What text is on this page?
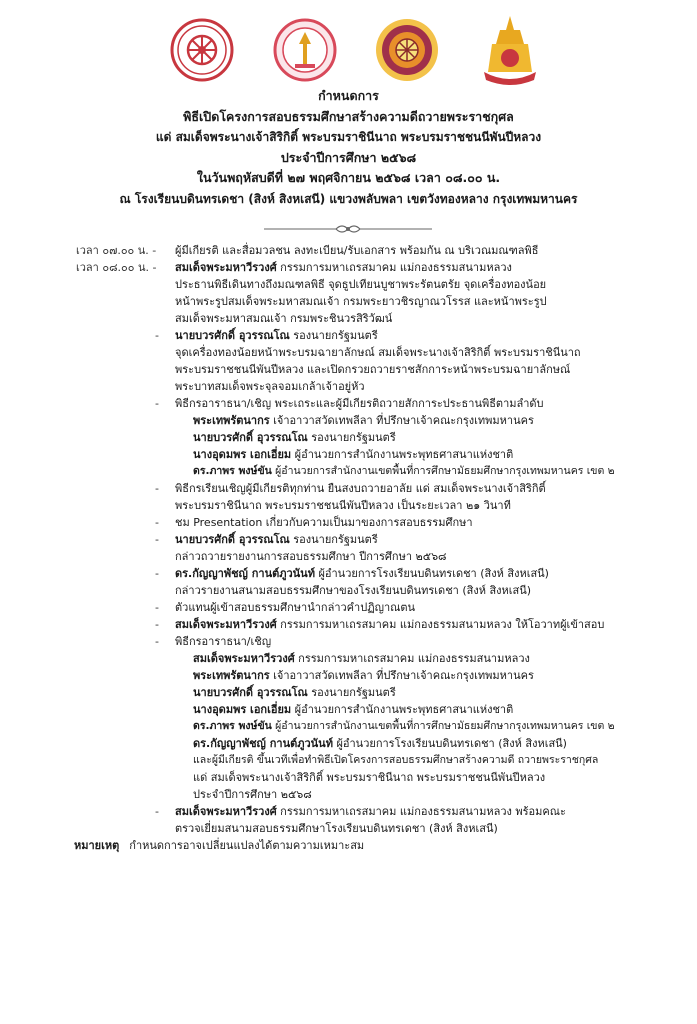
กำหนดการ
พิธีเปิดโครงการสอบธรรมศึกษาสร้างความดีถวายพระราชกุศล
แด่ สมเด็จพระนางเจ้าสิริกิติ์ พระบรมราชินีนาถ พระบรมราชชนนีพันปีหลวง
ประจำปีการศึกษา ๒๕๖๘
ในวันพฤหัสบดีที่ ๒๗ พฤศจิกายน ๒๕๖๘ เวลา ๐๘.๐๐ น.
ณ โรงเรียนบดินทรเดชา (สิงห์ สิงหเสนี) แขวงพลับพลา เขตวังทองหลาง กรุงเทพมหานคร
เวลา ๐๗.๐๐ น. - ผู้มีเกียรติ และสื่อมวลชน ลงทะเบียน/รับเอกสาร พร้อมกัน ณ บริเวณมณฑลพิธี
เวลา ๐๘.๐๐ น. - สมเด็จพระมหาวีรวงศ์ กรรมการมหาเถรสมาคม แม่กองธรรมสนามหลวง
ประธานพิธีเดินทางถึงมณฑลพิธี จุดธูปเทียนบูชาพระรัตนตรัย จุดเครื่องทองน้อย
หน้าพระรูปสมเด็จพระมหาสมณเจ้า กรมพระยาวชิรญาณวโรรส และหน้าพระรูป
สมเด็จพระมหาสมณเจ้า กรมพระชินวรสิริวัฒน์
- นายบวรศักดิ์ อุวรรณโณ รองนายกรัฐมนตรี
จุดเครื่องทองน้อยหน้าพระบรมฉายาลักษณ์ สมเด็จพระนางเจ้าสิริกิติ์ พระบรมราชินีนาถ
พระบรมราชชนนีพันปีหลวง และเปิดกรวยถวายราชสักการะหน้าพระบรมฉายาลักษณ์
พระบาทสมเด็จพระจุลจอมเกล้าเจ้าอยู่หัว
- พิธีกรอาราธนา/เชิญ พระเถระและผู้มีเกียรติถวายสักการะประธานพิธีตามลำดับ
พระเทพรัตนากร เจ้าอาวาสวัดเทพลีลา ที่ปรึกษาเจ้าคณะกรุงเทพมหานคร
นายบวรศักดิ์ อุวรรณโณ รองนายกรัฐมนตรี
นางอุดมพร เอกเอี่ยม ผู้อำนวยการสำนักงานพระพุทธศาสนาแห่งชาติ
ดร.ภาพร พงษ์ขัน ผู้อำนวยการสำนักงานเขตพื้นที่การศึกษามัธยมศึกษากรุงเทพมหานคร เขต ๒
- พิธีกรเรียนเชิญผู้มีเกียรติทุกท่าน ยืนสงบถวายอาลัย แด่ สมเด็จพระนางเจ้าสิริกิติ์
พระบรมราชินีนาถ พระบรมราชชนนีพันปีหลวง เป็นระยะเวลา ๒๑ วินาที
- ชม Presentation เกี่ยวกับความเป็นมาของการสอบธรรมศึกษา
- นายบวรศักดิ์ อุวรรณโณ รองนายกรัฐมนตรี
กล่าวถวายรายงานการสอบธรรมศึกษา ปีการศึกษา ๒๕๖๘
- ดร.กัญญาพัชญ์ กานต์ภูวนันท์ ผู้อำนวยการโรงเรียนบดินทรเดชา (สิงห์ สิงหเสนี)
กล่าวรายงานสนามสอบธรรมศึกษาของโรงเรียนบดินทรเดชา (สิงห์ สิงหเสนี)
- ตัวแทนผู้เข้าสอบธรรมศึกษานำกล่าวคำปฏิญาณตน
- สมเด็จพระมหาวีรวงศ์ กรรมการมหาเถรสมาคม แม่กองธรรมสนามหลวง ให้โอวาทผู้เข้าสอบ
- พิธีกรอาราธนา/เชิญ
สมเด็จพระมหาวีรวงศ์ กรรมการมหาเถรสมาคม แม่กองธรรมสนามหลวง
พระเทพรัตนากร เจ้าอาวาสวัดเทพลีลา ที่ปรึกษาเจ้าคณะกรุงเทพมหานคร
นายบวรศักดิ์ อุวรรณโณ รองนายกรัฐมนตรี
นางอุดมพร เอกเอี่ยม ผู้อำนวยการสำนักงานพระพุทธศาสนาแห่งชาติ
ดร.ภาพร พงษ์ขัน ผู้อำนวยการสำนักงานเขตพื้นที่การศึกษามัธยมศึกษากรุงเทพมหานคร เขต ๒
ดร.กัญญาพัชญ์ กานต์ภูวนันท์ ผู้อำนวยการโรงเรียนบดินทรเดชา (สิงห์ สิงหเสนี)
และผู้มีเกียรติ ขึ้นเวทีเพื่อทำพิธีเปิดโครงการสอบธรรมศึกษาสร้างความดี ถวายพระราชกุศล
แด่ สมเด็จพระนางเจ้าสิริกิติ์ พระบรมราชินีนาถ พระบรมราชชนนีพันปีหลวง
ประจำปีการศึกษา ๒๕๖๘
- สมเด็จพระมหาวีรวงศ์ กรรมการมหาเถรสมาคม แม่กองธรรมสนามหลวง พร้อมคณะ
ตรวจเยี่ยมสนามสอบธรรมศึกษาโรงเรียนบดินทรเดชา (สิงห์ สิงหเสนี)
หมายเหตุ กำหนดการอาจเปลี่ยนแปลงได้ตามความเหมาะสม
